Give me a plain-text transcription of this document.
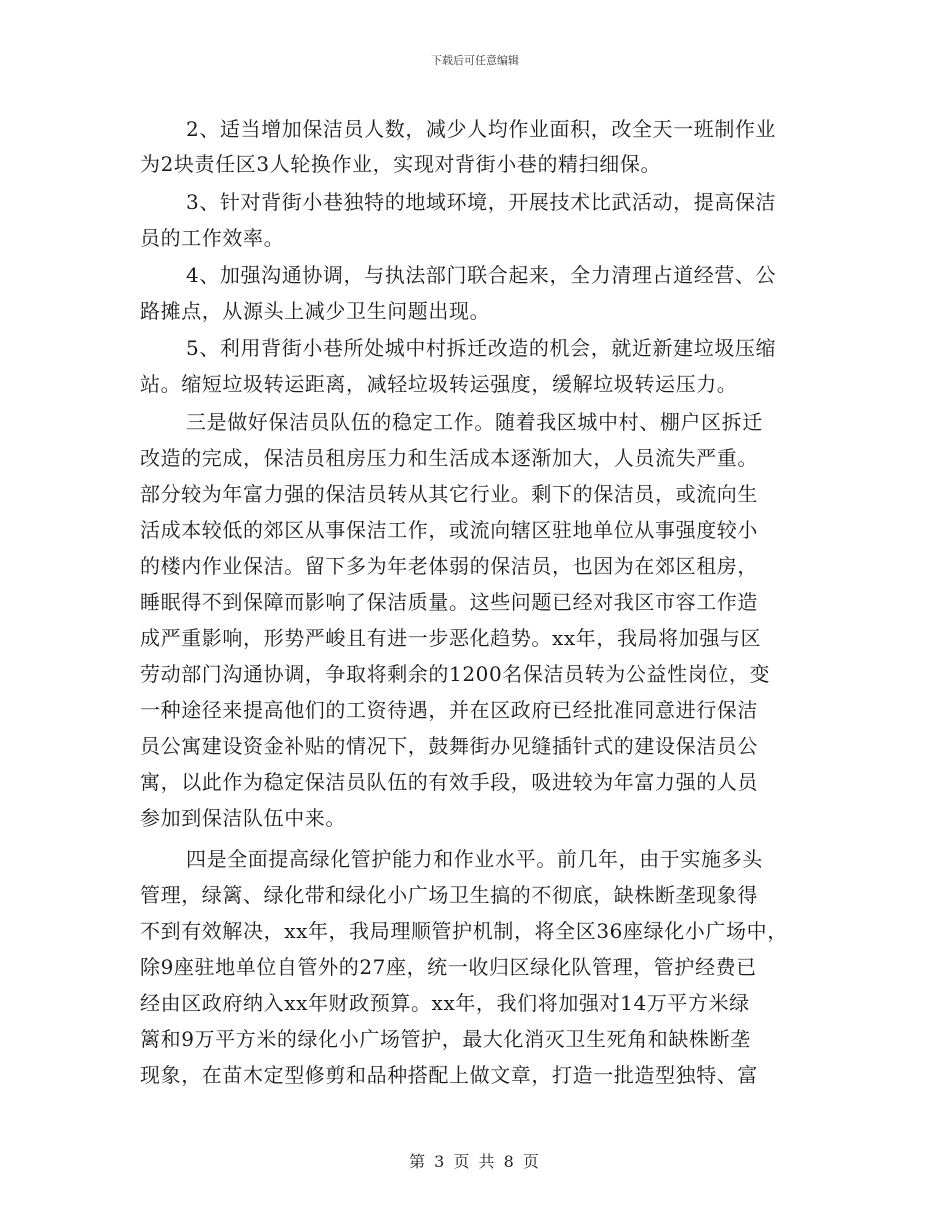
下载后可任意编辑
2、适当增加保洁员人数，减少人均作业面积，改全天一班制作业
为2块责任区3人轮换作业，实现对背街小巷的精扫细保。
3、针对背街小巷独特的地域环境，开展技术比武活动，提高保洁
员的工作效率。
4、加强沟通协调，与执法部门联合起来，全力清理占道经营、公
路摊点，从源头上减少卫生问题出现。
5、利用背街小巷所处城中村拆迁改造的机会，就近新建垃圾压缩
站。缩短垃圾转运距离，减轻垃圾转运强度，缓解垃圾转运压力。
三是做好保洁员队伍的稳定工作。随着我区城中村、棚户区拆迁
改造的完成，保洁员租房压力和生活成本逐渐加大，人员流失严重。
部分较为年富力强的保洁员转从其它行业。剩下的保洁员，或流向生
活成本较低的郊区从事保洁工作，或流向辖区驻地单位从事强度较小
的楼内作业保洁。留下多为年老体弱的保洁员，也因为在郊区租房，
睡眠得不到保障而影响了保洁质量。这些问题已经对我区市容工作造
成严重影响，形势严峻且有进一步恶化趋势。xx年，我局将加强与区
劳动部门沟通协调，争取将剩余的1200名保洁员转为公益性岗位，变
一种途径来提高他们的工资待遇，并在区政府已经批准同意进行保洁
员公寓建设资金补贴的情况下，鼓舞街办见缝插针式的建设保洁员公
寓，以此作为稳定保洁员队伍的有效手段，吸进较为年富力强的人员
参加到保洁队伍中来。
四是全面提高绿化管护能力和作业水平。前几年，由于实施多头
管理，绿篱、绿化带和绿化小广场卫生搞的不彻底，缺株断垄现象得
不到有效解决，xx年，我局理顺管护机制，将全区36座绿化小广场中，
除9座驻地单位自管外的27座，统一收归区绿化队管理，管护经费已
经由区政府纳入xx年财政预算。xx年，我们将加强对14万平方米绿
篱和9万平方米的绿化小广场管护，最大化消灭卫生死角和缺株断垄
现象，在苗木定型修剪和品种搭配上做文章，打造一批造型独特、富
第 3 页 共 8 页
